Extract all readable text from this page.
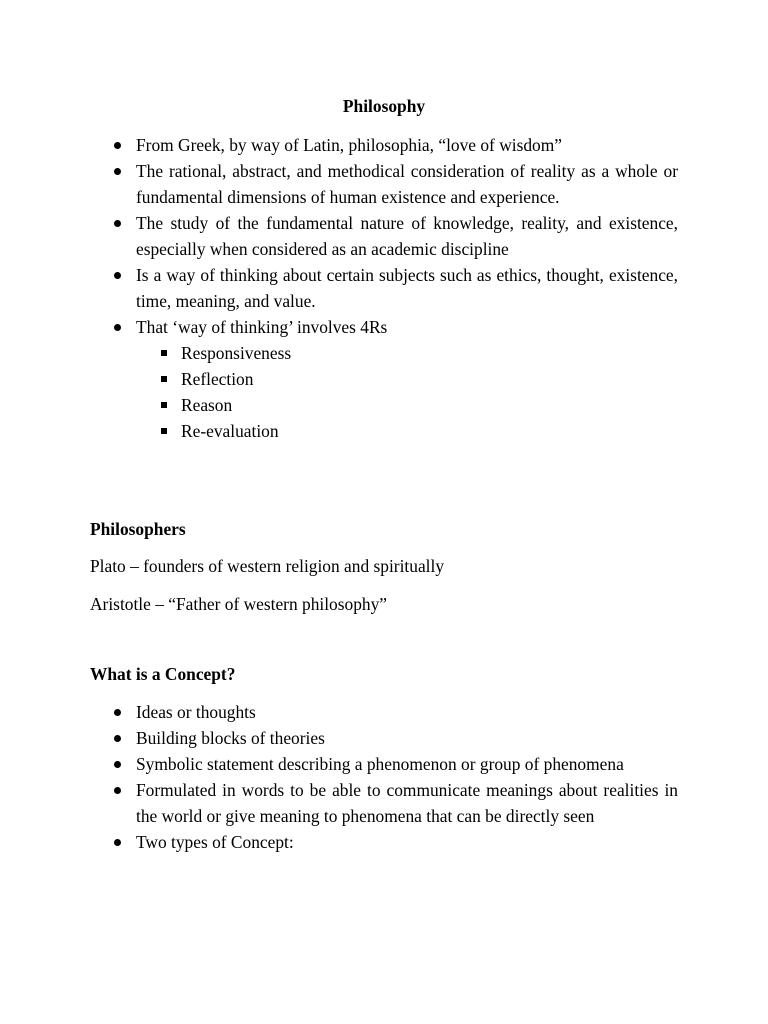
Philosophy
From Greek, by way of Latin, philosophia, “love of wisdom”
The rational, abstract, and methodical consideration of reality as a whole or fundamental dimensions of human existence and experience.
The study of the fundamental nature of knowledge, reality, and existence, especially when considered as an academic discipline
Is a way of thinking about certain subjects such as ethics, thought, existence, time, meaning, and value.
That ‘way of thinking’ involves 4Rs
Responsiveness
Reflection
Reason
Re-evaluation
Philosophers
Plato – founders of western religion and spiritually
Aristotle – “Father of western philosophy”
What is a Concept?
Ideas or thoughts
Building blocks of theories
Symbolic statement describing a phenomenon or group of phenomena
Formulated in words to be able to communicate meanings about realities in the world or give meaning to phenomena that can be directly seen
Two types of Concept:
